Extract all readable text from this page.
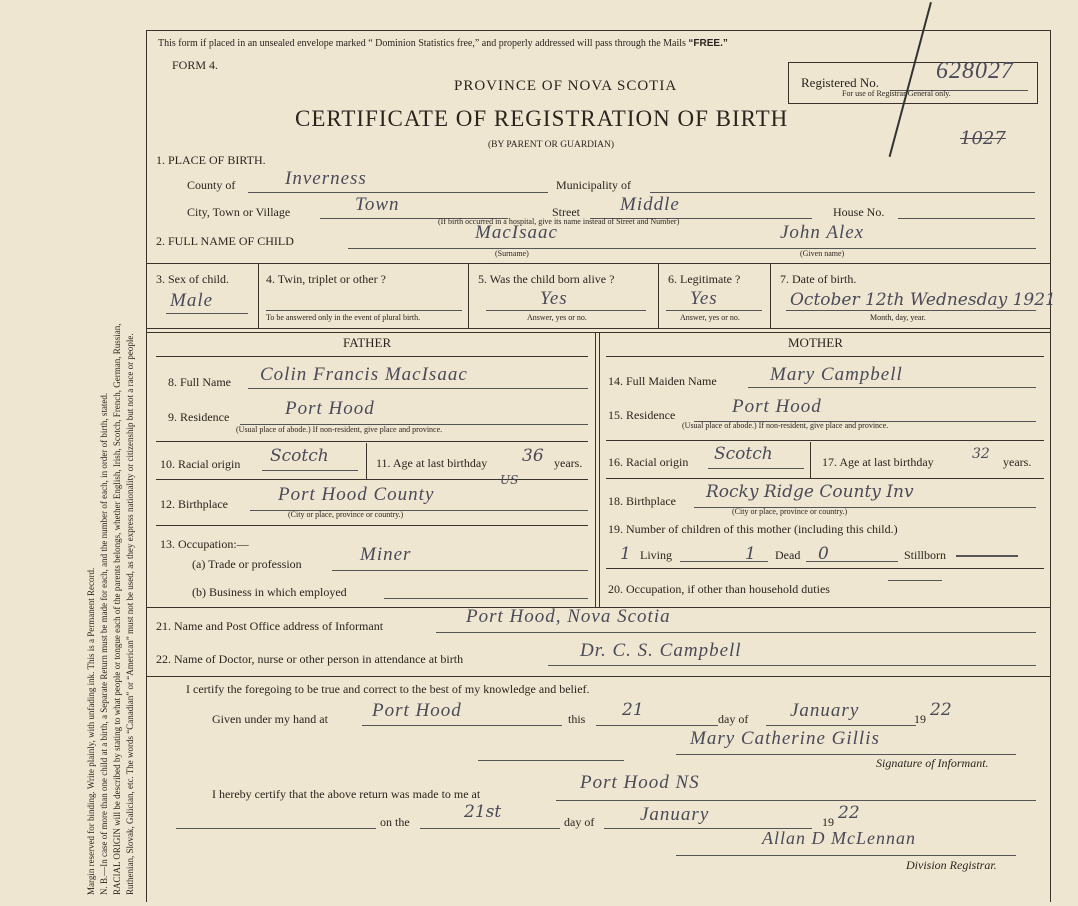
Margin reserved for binding. Write plainly, with unfading ink. This is a Permanent Record. N. B.—In case of more than one child at a birth, a Separate Return must be made for each, and the number of each, in order of birth, stated. RACIAL ORIGIN will be described by stating to what people or tongue each of the parents belongs, whether English, Irish, Scotch, French, German, Russian, Ruthenian, Slovak, Galician, etc. The words “Canadian” or “American” must not be used, as they express nationality or citizenship but not a race or people.
This form if placed in an unsealed envelope marked “ Dominion Statistics free,” and properly addressed will pass through the Mails “FREE.”
FORM 4.
PROVINCE OF NOVA SCOTIA
CERTIFICATE OF REGISTRATION OF BIRTH
(BY PARENT OR GUARDIAN)
Registered No. 628027
For use of Registrar General only.
1027
1. PLACE OF BIRTH.
County of	Inverness	Municipality of
City, Town or Village	Town	Street Middle	House No.
(If birth occurred in a hospital, give its name instead of Street and Number)
2. FULL NAME OF CHILD	MacIsaac
(Surname)
John Alex
(Given name)
3. Sex of child.
Male
4. Twin, triplet or other ?
To be answered only in the event of plural birth.
5. Was the child born alive ?
Yes
Answer, yes or no.
6. Legitimate ?
Yes
Answer, yes or no.
7. Date of birth.
October 12th Wednesday 1921
Month, day, year.
FATHER	MOTHER
8. Full Name Colin Francis MacIsaac
9. Residence	Port Hood
(Usual place of abode.) If non-resident, give place and province.
10. Racial origin Scotch	11. Age at last birthday 36 years.
12. Birthplace	Port Hood County
US
(City or place, province or country.)
13. Occupation:—
(a) Trade or profession	Miner
(b) Business in which employed
14. Full Maiden Name	Mary Campbell
15. Residence	Port Hood
(Usual place of abode.) If non-resident, give place and province.
16. Racial origin Scotch	17. Age at last birthday	32 years.
18. Birthplace Rocky Ridge County Inv
(City or place, province or country.)
19. Number of children of this mother (including this child.)
1 Living	1 Dead 0	Stillborn
20. Occupation, if other than household duties
21. Name and Post Office address of Informant	Port Hood, Nova Scotia
22. Name of Doctor, nurse or other person in attendance at birth	Dr. C. S. Campbell
I certify the foregoing to be true and correct to the best of my knowledge and belief.
Given under my hand at Port Hood	this 21	day of January	19 22
Mary Catherine Gillis
Signature of Informant.
I hereby certify that the above return was made to me at
Port Hood NS
on the	21st	day of January	19 22
Allan D McLennan
Division Registrar.
